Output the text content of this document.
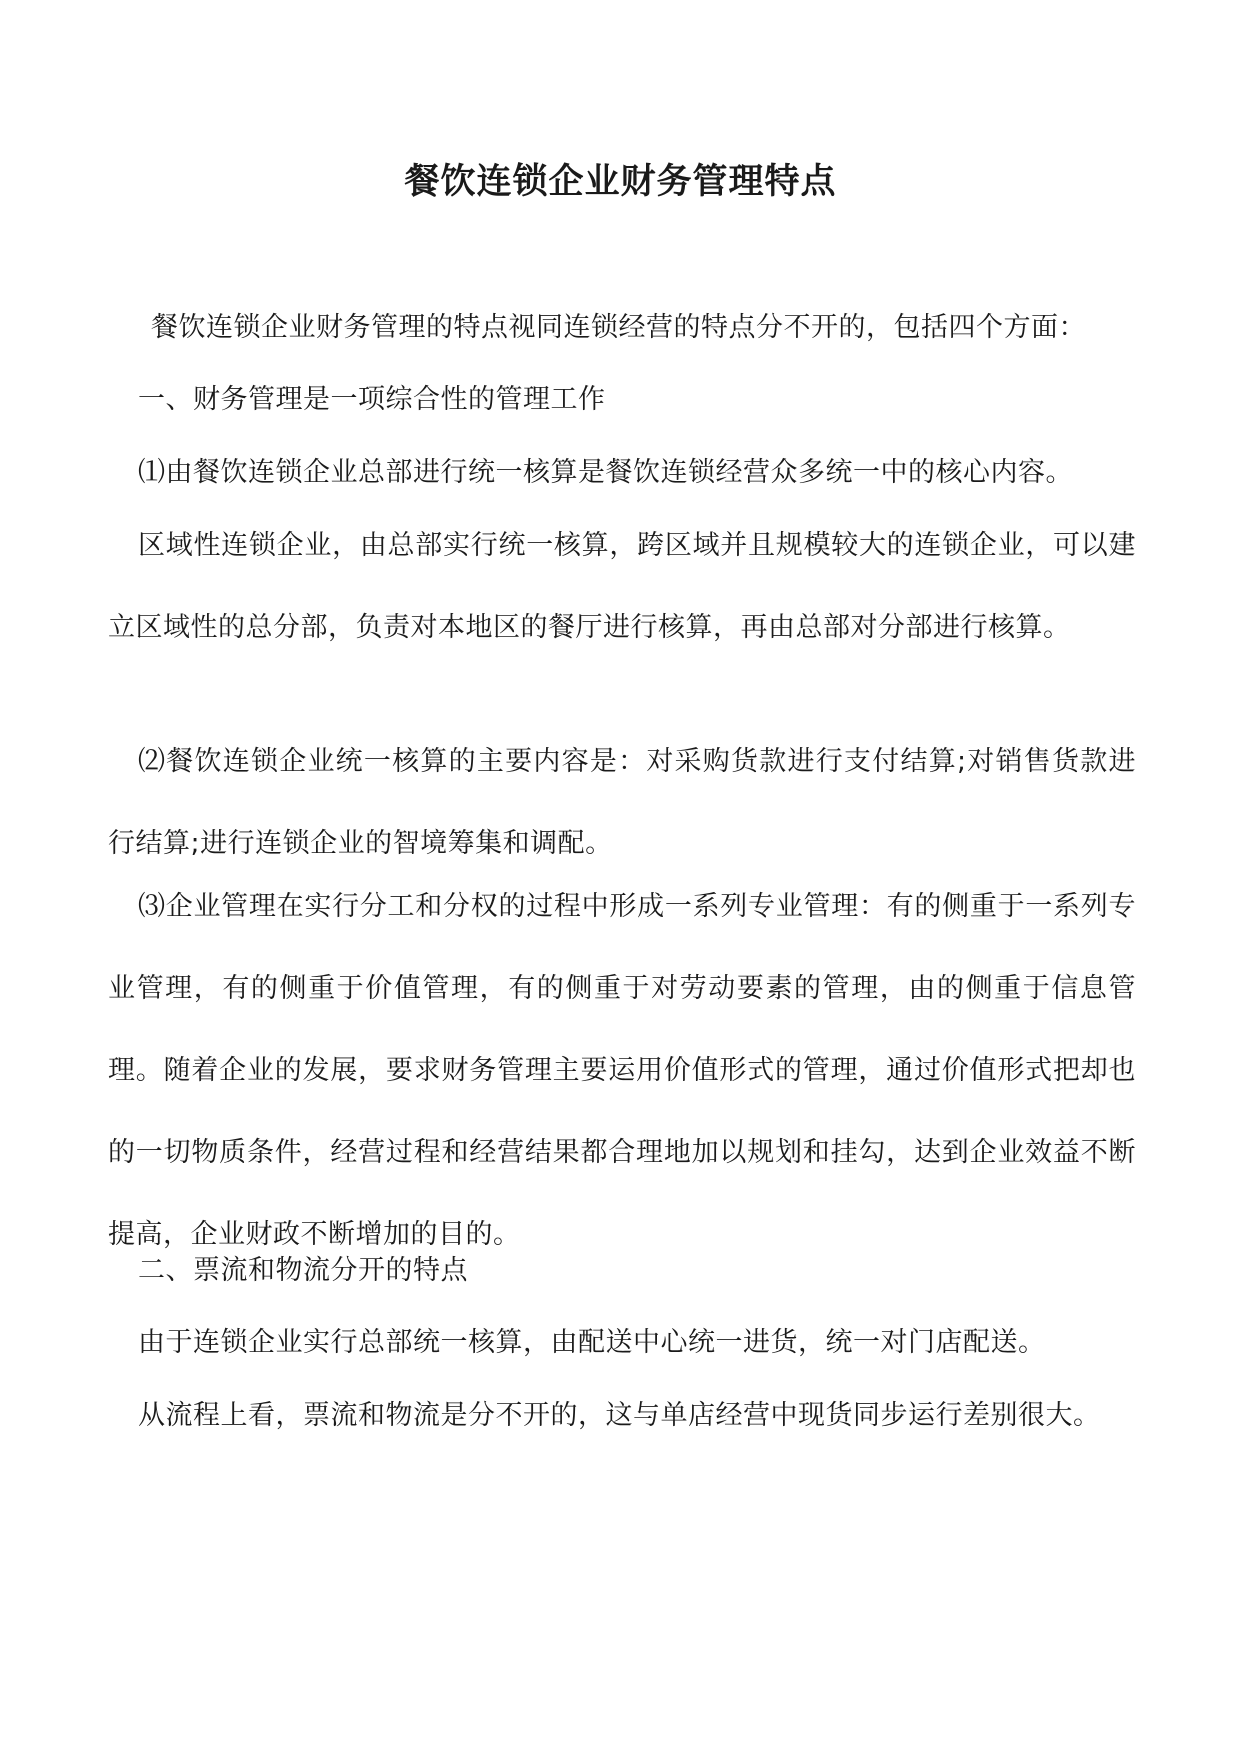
餐饮连锁企业财务管理特点

餐饮连锁企业财务管理的特点视同连锁经营的特点分不开的，包括四个方面：

一、财务管理是一项综合性的管理工作

⑴由餐饮连锁企业总部进行统一核算是餐饮连锁经营众多统一中的核心内容。

区域性连锁企业，由总部实行统一核算，跨区域并且规模较大的连锁企业，可以建立区域性的总分部，负责对本地区的餐厅进行核算，再由总部对分部进行核算。

⑵餐饮连锁企业统一核算的主要内容是：对采购货款进行支付结算;对销售货款进行结算;进行连锁企业的智境筹集和调配。

⑶企业管理在实行分工和分权的过程中形成一系列专业管理：有的侧重于一系列专业管理，有的侧重于价值管理，有的侧重于对劳动要素的管理，由的侧重于信息管理。随着企业的发展，要求财务管理主要运用价值形式的管理，通过价值形式把却也的一切物质条件，经营过程和经营结果都合理地加以规划和挂勾，达到企业效益不断提高，企业财政不断增加的目的。

二、票流和物流分开的特点

由于连锁企业实行总部统一核算，由配送中心统一进货，统一对门店配送。

从流程上看，票流和物流是分不开的，这与单店经营中现货同步运行差别很大。
